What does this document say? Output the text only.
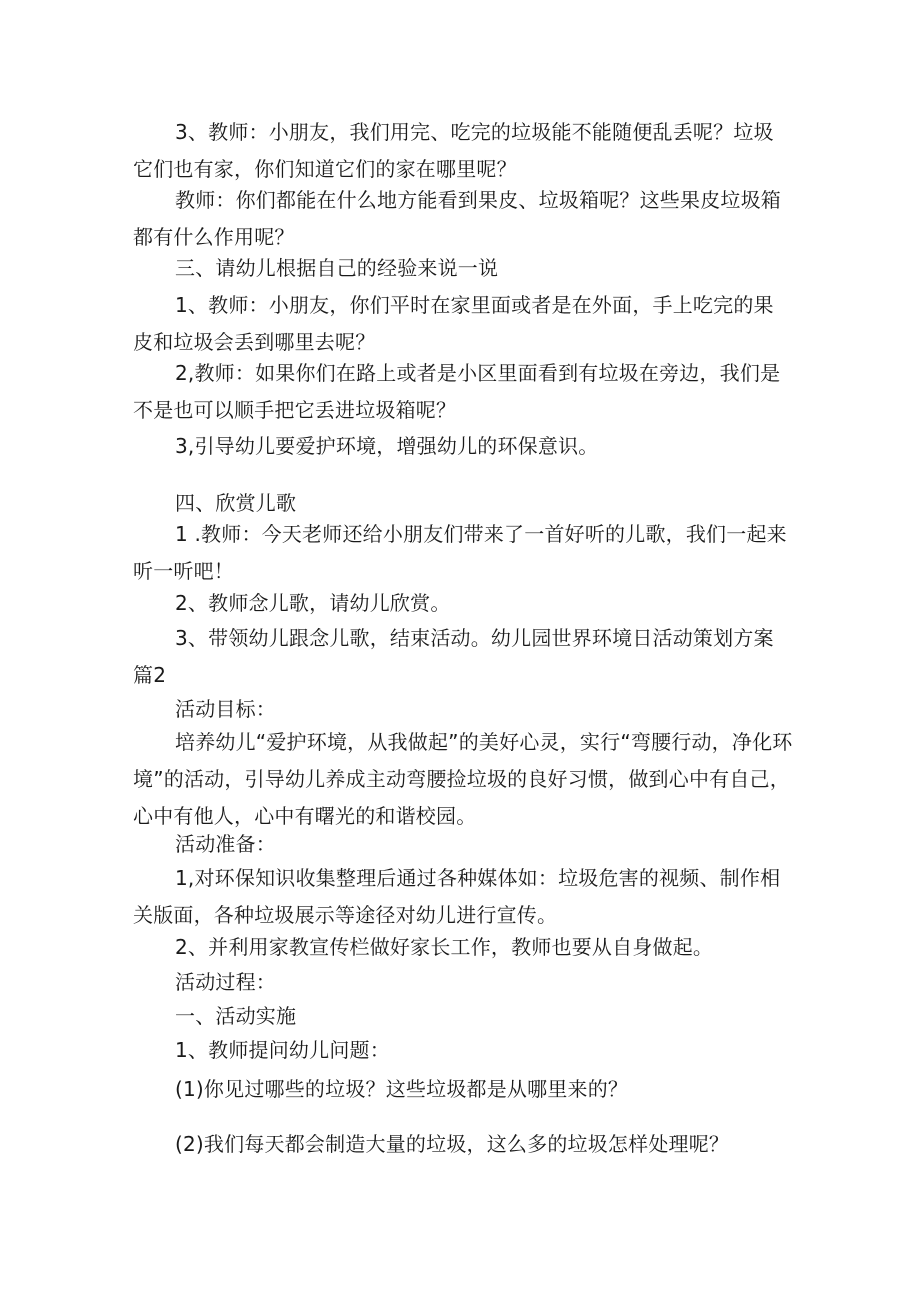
3、教师：小朋友，我们用完、吃完的垃圾能不能随便乱丢呢？垃圾它们也有家，你们知道它们的家在哪里呢？

教师：你们都能在什么地方能看到果皮、垃圾箱呢？这些果皮垃圾箱都有什么作用呢？

三、请幼儿根据自己的经验来说一说

1、教师：小朋友，你们平时在家里面或者是在外面，手上吃完的果皮和垃圾会丢到哪里去呢？

2,教师：如果你们在路上或者是小区里面看到有垃圾在旁边，我们是不是也可以顺手把它丢进垃圾箱呢？

3,引导幼儿要爱护环境，增强幼儿的环保意识。

四、欣赏儿歌

1 .教师：今天老师还给小朋友们带来了一首好听的儿歌，我们一起来听一听吧！

2、教师念儿歌，请幼儿欣赏。

3、带领幼儿跟念儿歌，结束活动。幼儿园世界环境日活动策划方案篇2

活动目标：

培养幼儿“爱护环境，从我做起”的美好心灵，实行“弯腰行动，净化环境”的活动，引导幼儿养成主动弯腰捡垃圾的良好习惯，做到心中有自己，心中有他人，心中有曙光的和谐校园。

活动准备：

1,对环保知识收集整理后通过各种媒体如：垃圾危害的视频、制作相关版面，各种垃圾展示等途径对幼儿进行宣传。

2、并利用家教宣传栏做好家长工作，教师也要从自身做起。

活动过程：

一、活动实施

1、教师提问幼儿问题：

(1)你见过哪些的垃圾？这些垃圾都是从哪里来的？

(2)我们每天都会制造大量的垃圾，这么多的垃圾怎样处理呢？
